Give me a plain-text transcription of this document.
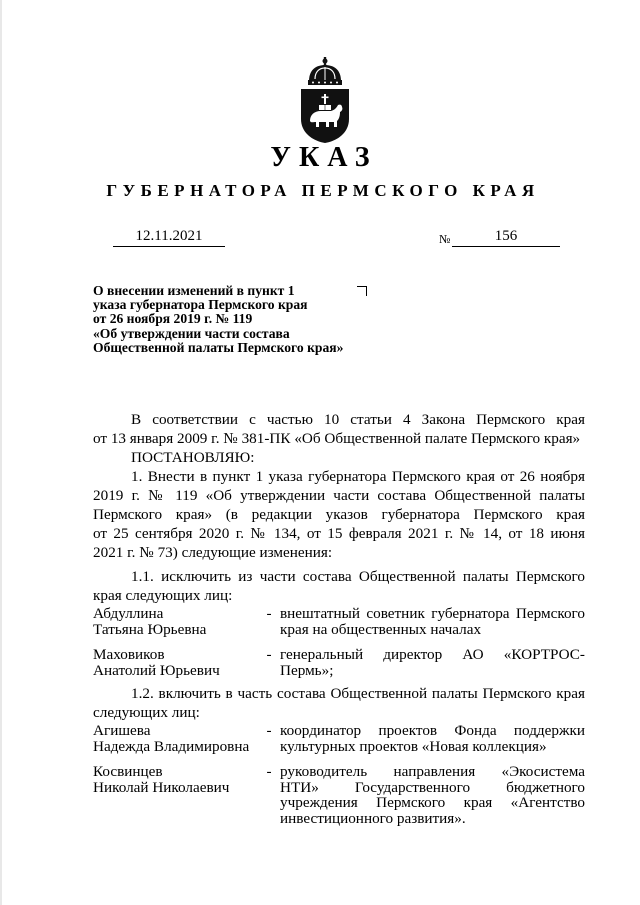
УКАЗ
ГУБЕРНАТОРА ПЕРМСКОГО КРАЯ
12.11.2021	№	156
О внесении изменений в пункт 1
указа губернатора Пермского края
от 26 ноября 2019 г. № 119
«Об утверждении части состава
Общественной палаты Пермского края»
В соответствии с частью 10 статьи 4 Закона Пермского края
от 13 января 2009 г. № 381-ПК «Об Общественной палате Пермского края»
ПОСТАНОВЛЯЮ:
1. Внести в пункт 1 указа губернатора Пермского края от 26 ноября
2019 г. № 119 «Об утверждении части состава Общественной палаты
Пермского края» (в редакции указов губернатора Пермского края
от 25 сентября 2020 г. № 134, от 15 февраля 2021 г. № 14, от 18 июня
2021 г. № 73) следующие изменения:
1.1. исключить из части состава Общественной палаты Пермского
края следующих лиц:
Абдуллина
Татьяна Юрьевна
- внештатный советник губернатора Пермского
края на общественных началах
Маховиков
Анатолий Юрьевич
- генеральный директор АО «КОРТРОС-
Пермь»;
1.2. включить в часть состава Общественной палаты Пермского края
следующих лиц:
Агишева
Надежда Владимировна
- координатор проектов Фонда поддержки
культурных проектов «Новая коллекция»
Косвинцев
Николай Николаевич
- руководитель направления «Экосистема
НТИ» Государственного бюджетного
учреждения Пермского края «Агентство
инвестиционного развития».
